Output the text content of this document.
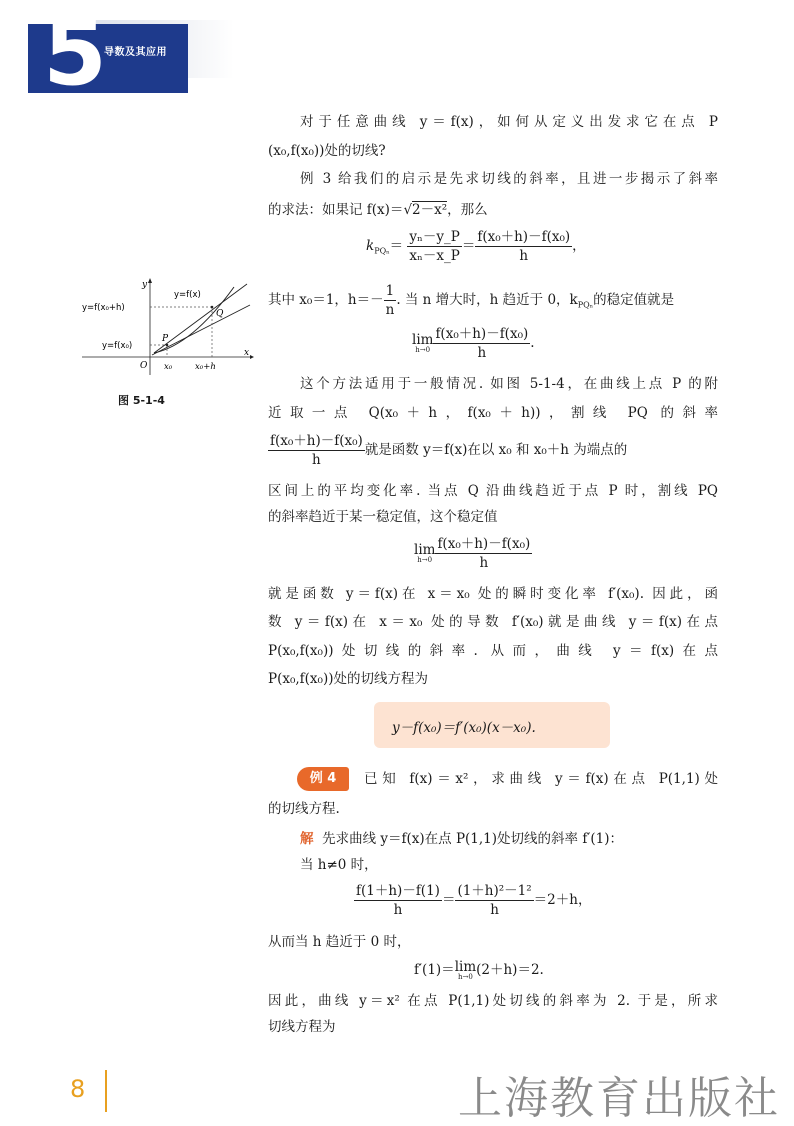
5
导数及其应用
对于任意曲线 y＝f(x)，如何从定义出发求它在点 P
(x₀,f(x₀))处的切线?
例 3 给我们的启示是先求切线的斜率，且进一步揭示了斜率
的求法：如果记 f(x)＝√2－x²，那么
$k_{PQ_n}= \frac{\text{yₙ－y\_P}}{\text{xₙ－x\_P}} = \frac{\text{f(x₀＋h)－f(x₀)}}{h}$ ，
其中 x₀＝1，$h=- \frac{1}{n}$ . 当 n 增大时，h 趋近于 0，$k_{PQ_n}$的稳定值就是
lim
$h\to 0 \frac{\text{f(x₀＋h)－f(x₀)}}{h}$ .
这个方法适用于一般情况. 如图 5-1-4，在曲线上点 P 的附
近取一点 Q(x₀＋h，f(x₀＋h))，割线 PQ 的斜率
$\frac{\text{f(x₀＋h)－f(x₀)}}{h}$ 就是函数 y＝f(x)在以 x₀ 和 x₀＋h 为端点的
区间上的平均变化率. 当点 Q 沿曲线趋近于点 P 时，割线 PQ
的斜率趋近于某一稳定值，这个稳定值
lim
$h\to 0 \frac{\text{f(x₀＋h)－f(x₀)}}{h}$
就是函数 y＝f(x)在 x＝x₀ 处的瞬时变化率 f′(x₀). 因此，函
数 y＝f(x)在 x＝x₀ 处的导数 f′(x₀)就是曲线 y＝f(x)在点
P(x₀,f(x₀))处切线的斜率. 从而，曲线 y＝f(x)在点
P(x₀,f(x₀))处的切线方程为
y－f(x₀)＝f′(x₀)(x－x₀).
例 4	已知 f(x)＝x²，求曲线 y＝f(x)在点 P(1,1)处
的切线方程.
解 先求曲线 y＝f(x)在点 P(1,1)处切线的斜率 f′(1)：
当 h≠0 时，
$\frac{f(1+h)-f(1)}{h} = \frac{\text{(1＋h)²－1²}}{h} =2+h$，
从而当 h 趋近于 0 时，
f′(1)＝lim
h→0 (2＋h)＝2.
因此，曲线 y＝x² 在点 P(1,1)处切线的斜率为 2. 于是，所求
切线方程为
y
x
O
y=f(x)
Q
P
y=f(x₀+h)
y=f(x₀)
x₀	x₀+h
图 5-1-4
8	上海教育出版社
